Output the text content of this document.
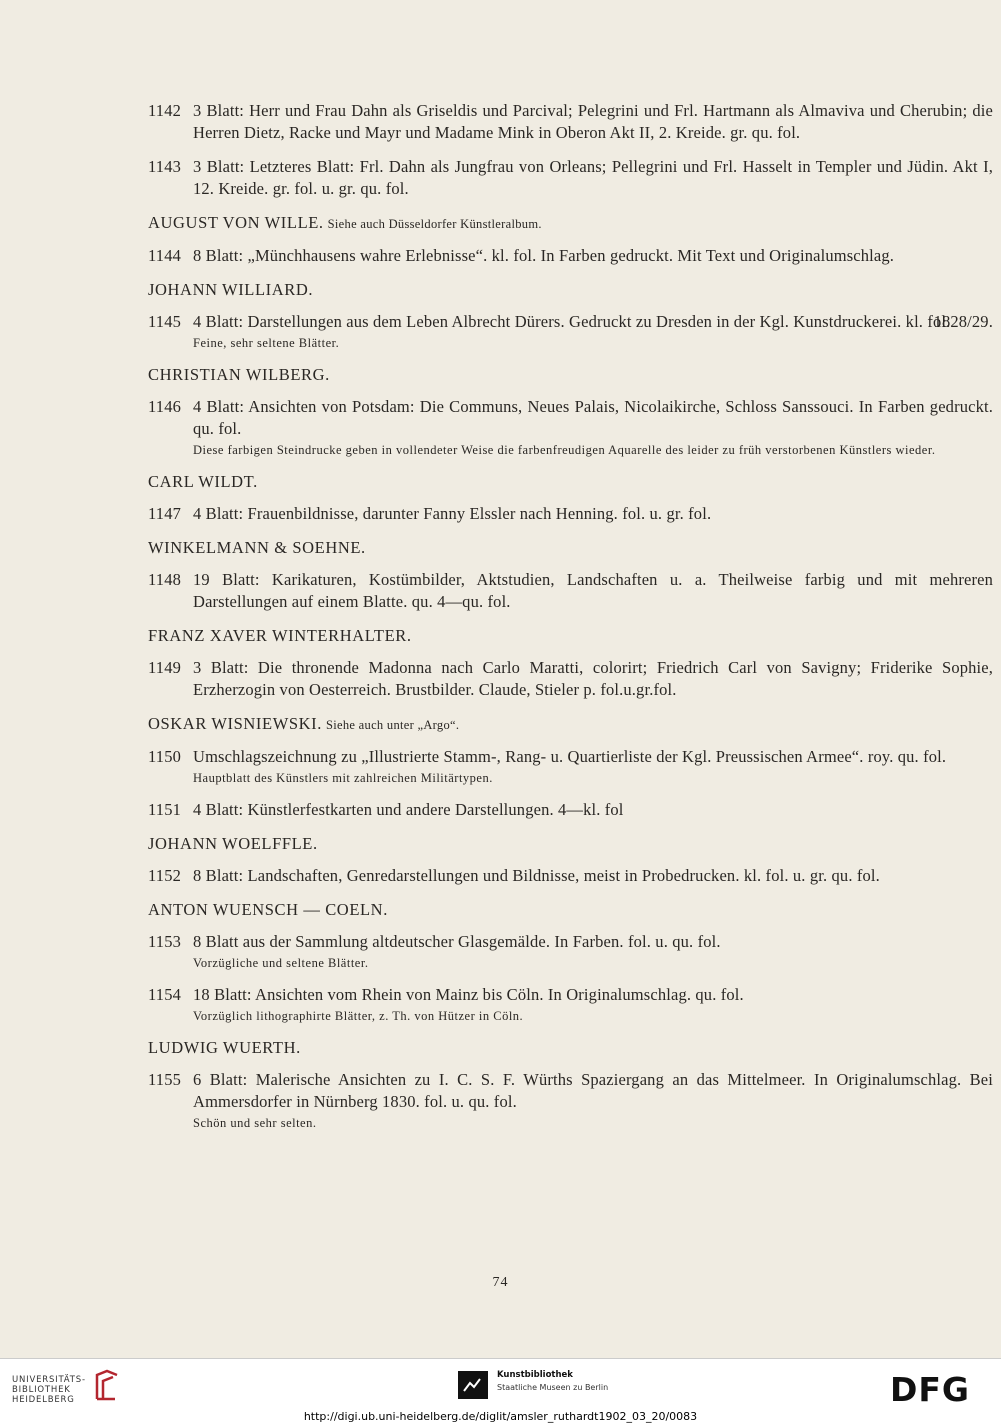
1142 3 Blatt: Herr und Frau Dahn als Griseldis und Parcival; Pelegrini und Frl. Hartmann als Almaviva und Cherubin; die Herren Dietz, Racke und Mayr und Madame Mink in Oberon Akt II, 2. Kreide. gr. qu. fol.
1143 3 Blatt: Letzteres Blatt: Frl. Dahn als Jungfrau von Orleans; Pellegrini und Frl. Hasselt in Templer und Jüdin. Akt I, 12. Kreide. gr. fol. u. gr. qu. fol.
AUGUST VON WILLE. Siehe auch Düsseldorfer Künstleralbum.
1144 8 Blatt: „Münchhausens wahre Erlebnisse“. kl. fol. In Farben gedruckt. Mit Text und Originalumschlag.
JOHANN WILLIARD.
1145 4 Blatt: Darstellungen aus dem Leben Albrecht Dürers. Gedruckt zu Dresden in der Kgl. Kunstdruckerei. kl. fol.
1828/29.
Feine, sehr seltene Blätter.
CHRISTIAN WILBERG.
1146 4 Blatt: Ansichten von Potsdam: Die Communs, Neues Palais, Nicolaikirche, Schloss Sanssouci. In Farben gedruckt. qu. fol.
Diese farbigen Steindrucke geben in vollendeter Weise die farbenfreudigen Aquarelle des leider zu früh verstorbenen Künstlers wieder.
CARL WILDT.
1147 4 Blatt: Frauenbildnisse, darunter Fanny Elssler nach Henning. fol. u. gr. fol.
WINKELMANN & SOEHNE.
1148 19 Blatt: Karikaturen, Kostümbilder, Aktstudien, Landschaften u. a. Theilweise farbig und mit mehreren Darstellungen auf einem Blatte. qu. 4—qu. fol.
FRANZ XAVER WINTERHALTER.
1149 3 Blatt: Die thronende Madonna nach Carlo Maratti, colorirt; Friedrich Carl von Savigny; Friderike Sophie, Erzherzogin von Oesterreich. Brustbilder. Claude, Stieler p. fol.u.gr.fol.
OSKAR WISNIEWSKI. Siehe auch unter „Argo“.
1150 Umschlagszeichnung zu „Illustrierte Stamm-, Rang- u. Quartierliste der Kgl. Preussischen Armee“. roy. qu. fol.
Hauptblatt des Künstlers mit zahlreichen Militärtypen.
1151 4 Blatt: Künstlerfestkarten und andere Darstellungen. 4—kl. fol
JOHANN WOELFFLE.
1152 8 Blatt: Landschaften, Genredarstellungen und Bildnisse, meist in Probedrucken. kl. fol. u. gr. qu. fol.
ANTON WUENSCH — COELN.
1153 8 Blatt aus der Sammlung altdeutscher Glasgemälde. In Farben. fol. u. qu. fol.
Vorzügliche und seltene Blätter.
1154 18 Blatt: Ansichten vom Rhein von Mainz bis Cöln. In Originalumschlag. qu. fol.
Vorzüglich lithographirte Blätter, z. Th. von Hützer in Cöln.
LUDWIG WUERTH.
1155 6 Blatt: Malerische Ansichten zu I. C. S. F. Würths Spaziergang an das Mittelmeer. In Originalumschlag. Bei Ammersdorfer in Nürnberg 1830. fol. u. qu. fol.
Schön und sehr selten.
74
UNIVERSITÄTS-
BIBLIOTHEK
HEIDELBERG
Kunstbibliothek
Staatliche Museen zu Berlin	DFG
http://digi.ub.uni-heidelberg.de/diglit/amsler_ruthardt1902_03_20/0083
